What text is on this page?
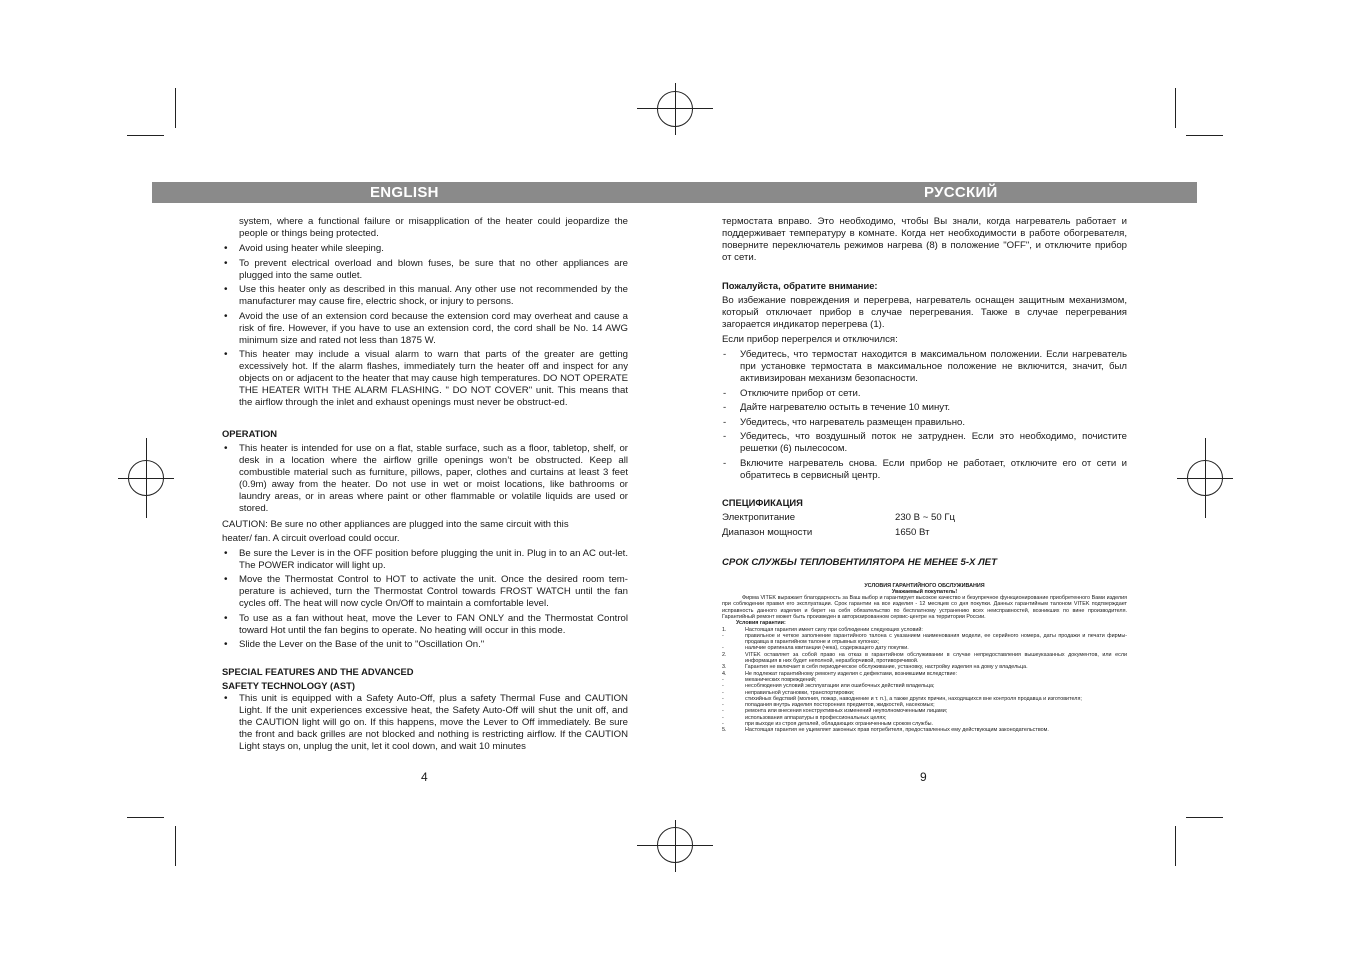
ENGLISH	РУССКИЙ

system, where a functional failure or misapplication of the heater could jeopardize the people or things being protected.

• Avoid using heater while sleeping.
• To prevent electrical overload and blown fuses, be sure that no other appliances are plugged into the same outlet.
• Use this heater only as described in this manual. Any other use not recommended by the manufacturer may cause fire, electric shock, or injury to persons.
• Avoid the use of an extension cord because the extension cord may overheat and cause a risk of fire. However, if you have to use an extension cord, the cord shall be No. 14 AWG minimum size and rated not less than 1875 W.
• This heater may include a visual alarm to warn that parts of the greater are getting excessively hot. If the alarm flashes, immediately turn the heater off and inspect for any objects on or adjacent to the heater that may cause high temperatures. DO NOT OPERATE THE HEATER WITH THE ALARM FLASHING. " DO NOT COVER" unit. This means that the airflow through the inlet and exhaust openings must never be obstruct-ed.

OPERATION

• This heater is intended for use on a flat, stable surface, such as a floor, tabletop, shelf, or desk in a location where the airflow grille openings won’t be obstructed. Keep all combustible material such as furniture, pillows, paper, clothes and curtains at least 3 feet (0.9m) away from the heater. Do not use in wet or moist locations, like bathrooms or laundry areas, or in areas where paint or other flammable or volatile liquids are used or stored.

CAUTION: Be sure no other appliances are plugged into the same circuit with this

heater/ fan. A circuit overload could occur.

• Be sure the Lever is in the OFF position before plugging the unit in. Plug in to an AC out-let. The POWER indicator will light up.
• Move the Thermostat Control to HOT to activate the unit. Once the desired room tem-perature is achieved, turn the Thermostat Control towards FROST WATCH until the fan cycles off. The heat will now cycle On/Off to maintain a comfortable level.
• To use as a fan without heat, move the Lever to FAN ONLY and the Thermostat Control toward Hot until the fan begins to operate. No heating will occur in this mode.
• Slide the Lever on the Base of the unit to "Oscillation On."

SPECIAL FEATURES AND THE ADVANCED

SAFETY TECHNOLOGY (AST)

• This unit is equipped with a Safety Auto-Off, plus a safety Thermal Fuse and CAUTION Light. If the unit experiences excessive heat, the Safety Auto-Off will shut the unit off, and the CAUTION light will go on. If this happens, move the Lever to Off immediately. Be sure the front and back grilles are not blocked and nothing is restricting airflow. If the CAUTION Light stays on, unplug the unit, let it cool down, and wait 10 minutes
4

термостата вправо. Это необходимо, чтобы Вы знали, когда нагреватель работает и поддерживает температуру в комнате. Когда нет необходимости в работе обогревателя, поверните переключатель режимов нагрева (8) в положение "OFF", и отключите прибор от сети.

Пожалуйста, обратите внимание:

Во избежание повреждения и перегрева, нагреватель оснащен защитным механизмом, который отключает прибор в случае перегревания. Также в случае перегревания загорается индикатор перегрева (1).

Если прибор перегрелся и отключился:

- Убедитесь, что термостат находится в максимальном положении. Если нагреватель при установке термостата в максимальное положение не включится, значит, был активизирован механизм безопасности.
- Отключите прибор от сети.
- Дайте нагревателю остыть в течение 10 минут.
- Убедитесь, что нагреватель размещен правильно.
- Убедитесь, что воздушный поток не затруднен. Если это необходимо, почистите решетки (6) пылесосом.
- Включите нагреватель снова. Если прибор не работает, отключите его от сети и обратитесь в сервисный центр.

СПЕЦИФИКАЦИЯ

Электропитание	230 В ~ 50 Гц
Диапазон мощности	1650 Вт

СРОК СЛУЖБЫ ТЕПЛОВЕНТИЛЯТОРА НЕ МЕНЕЕ 5-Х ЛЕТ

УСЛОВИЯ ГАРАНТИЙНОГО ОБСЛУЖИВАНИЯ
Уважаемый покупатель!

Фирма VITEK выражает благодарность за Ваш выбор и гарантирует высокое качество и безупречное функционирование приобретенного Вами изделия при соблюдении правил его эксплуатации. Срок гарантии на все изделия - 12 месяцев со дня покупки. Данных гарантийным талоном VITEK подтверждает исправность данного изделия и берет на себя обязательство по бесплатному устранению всех неисправностей, возникших по вине производителя. Гарантийный ремонт может быть произведен в авторизированном сервис-центре на территории России.

Условия гарантии:
1.	Настоящая гарантия имеет силу при соблюдении следующих условий:
-	правильное и четкое заполнение гарантийного талона с указанием наименования модели, ее серийного номера, даты продажи и печати фирмы-продавца в гарантийном талоне и отрывных купонах;
-	наличие оригинала квитанции (чека), содержащего дату покупки.
2.	VITEK оставляет за собой право на отказ в гарантийном обслуживании в случае непредоставления вышеуказанных документов, или если информация в них будет неполной, неразборчивой, противоречивой.
3.	Гарантия не включает в себя периодическое обслуживание, установку, настройку изделия на дому у владельца.
4.	Не подлежат гарантийному ремонту изделия с дефектами, возникшими вследствие:
-	механических повреждений;
-	несоблюдения условий эксплуатации или ошибочных действий владельца;
-	неправильной установки, транспортировки;
-	стихийных бедствий (молния, пожар, наводнение и т. п.), а также других причин, находящихся вне контроля продавца и изготовителя;
-	попадания внутрь изделия посторонних предметов, жидкостей, насекомых;
-	ремонта или внесения конструктивных изменений неуполномоченными лицами;
-	использования аппаратуры в профессиональных целях;
-	при выходе из строя деталей, обладающих ограниченным сроком службы.
5.	Настоящая гарантия не ущемляет законных прав потребителя, предоставленных ему действующим законодательством.
9
